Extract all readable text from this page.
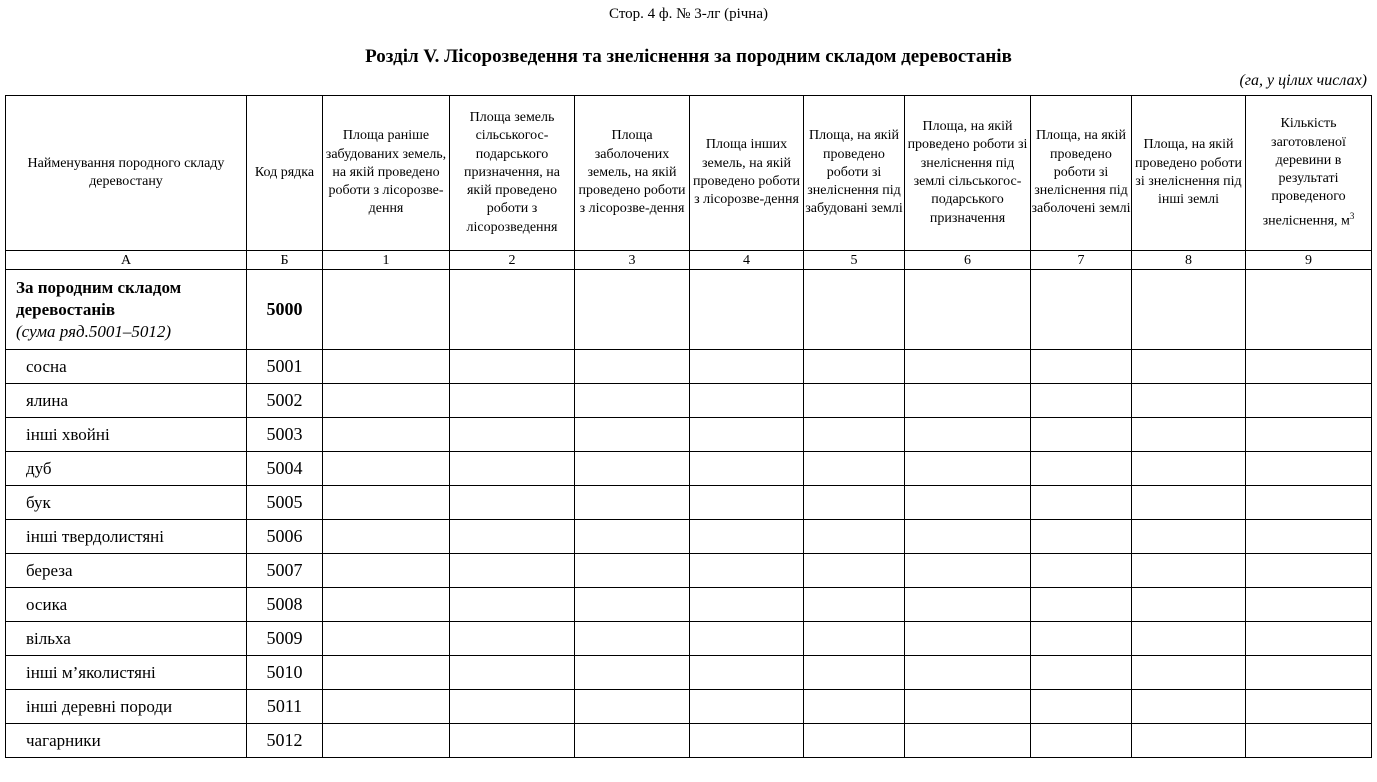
Стор. 4 ф. № 3-лг (річна)
Розділ V. Лісорозведення та знеліснення за породним складом деревостанів
(га, у цілих числах)
Найменування породного складу деревостану	Код рядка	Площа раніше забудованих земель, на якій проведено роботи з лісорозве-дення	Площа земель сільськогос-подарського призначення, на якій проведено роботи з лісорозведення	Площа заболочених земель, на якій проведено роботи з лісорозве-дення	Площа інших земель, на якій проведено роботи з лісорозве-дення	Площа, на якій проведено роботи зі знеліснення під забудовані землі	Площа, на якій проведено роботи зі знеліснення під землі сільськогос-подарського призначення	Площа, на якій проведено роботи зі знеліснення під заболочені землі	Площа, на якій проведено роботи зі знеліснення під інші землі	Кількість заготовленої деревини в результаті проведеного знеліснення, $м^3$
А	Б	1	2	3	4	5	6	7	8	9

За породним складом деревостанів
(сума ряд.5001–5012)	5000									
сосна	5001									
ялина	5002									
інші хвойні	5003									
дуб	5004									
бук	5005									
інші твердолистяні	5006									
береза	5007									
осика	5008									
вільха	5009									
інші м’яколистяні	5010									
інші деревні породи	5011									
чагарники	5012									
